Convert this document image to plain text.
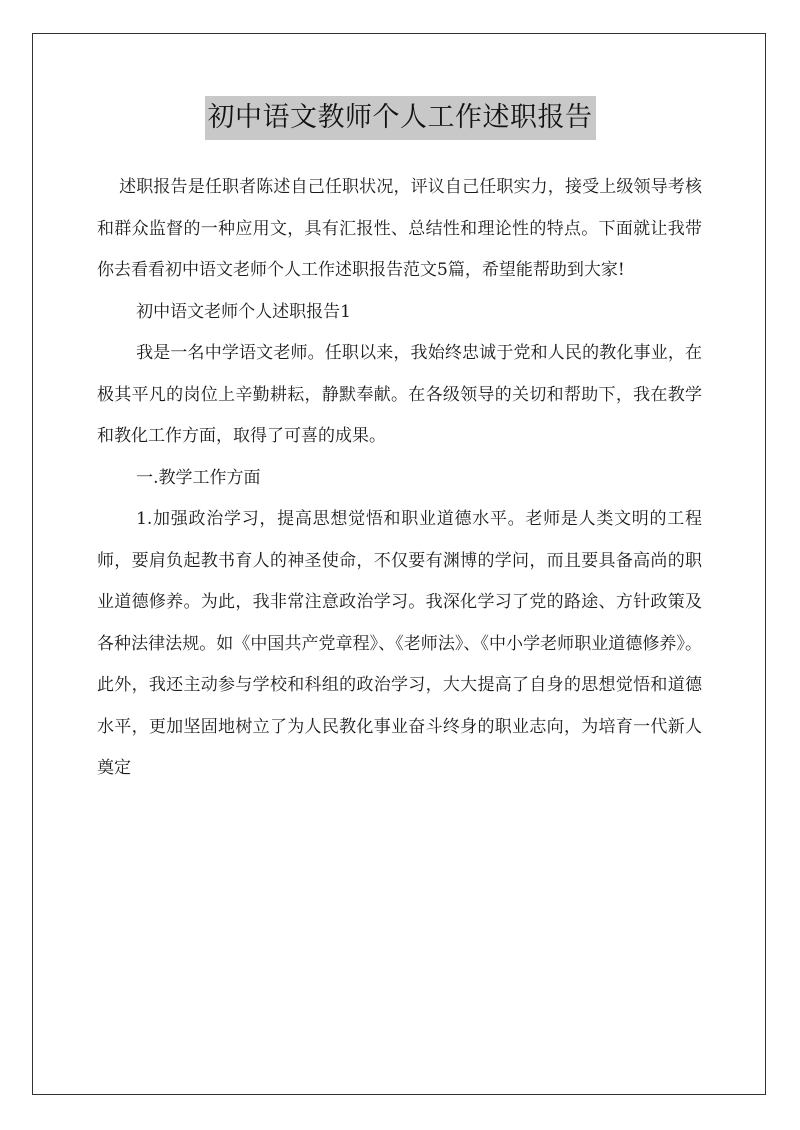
初中语文教师个人工作述职报告

述职报告是任职者陈述自己任职状况，评议自己任职实力，接受上级领导考核和群众监督的一种应用文，具有汇报性、总结性和理论性的特点。下面就让我带你去看看初中语文老师个人工作述职报告范文5篇，希望能帮助到大家!

初中语文老师个人述职报告1

我是一名中学语文老师。任职以来，我始终忠诚于党和人民的教化事业，在极其平凡的岗位上辛勤耕耘，静默奉献。在各级领导的关切和帮助下，我在教学和教化工作方面，取得了可喜的成果。

一.教学工作方面

1.加强政治学习，提高思想觉悟和职业道德水平。老师是人类文明的工程师，要肩负起教书育人的神圣使命，不仅要有渊博的学问，而且要具备高尚的职业道德修养。为此，我非常注意政治学习。我深化学习了党的路途、方针政策及各种法律法规。如《中国共产党章程》、《老师法》、《中小学老师职业道德修养》。此外，我还主动参与学校和科组的政治学习，大大提高了自身的思想觉悟和道德水平，更加坚固地树立了为人民教化事业奋斗终身的职业志向，为培育一代新人奠定
